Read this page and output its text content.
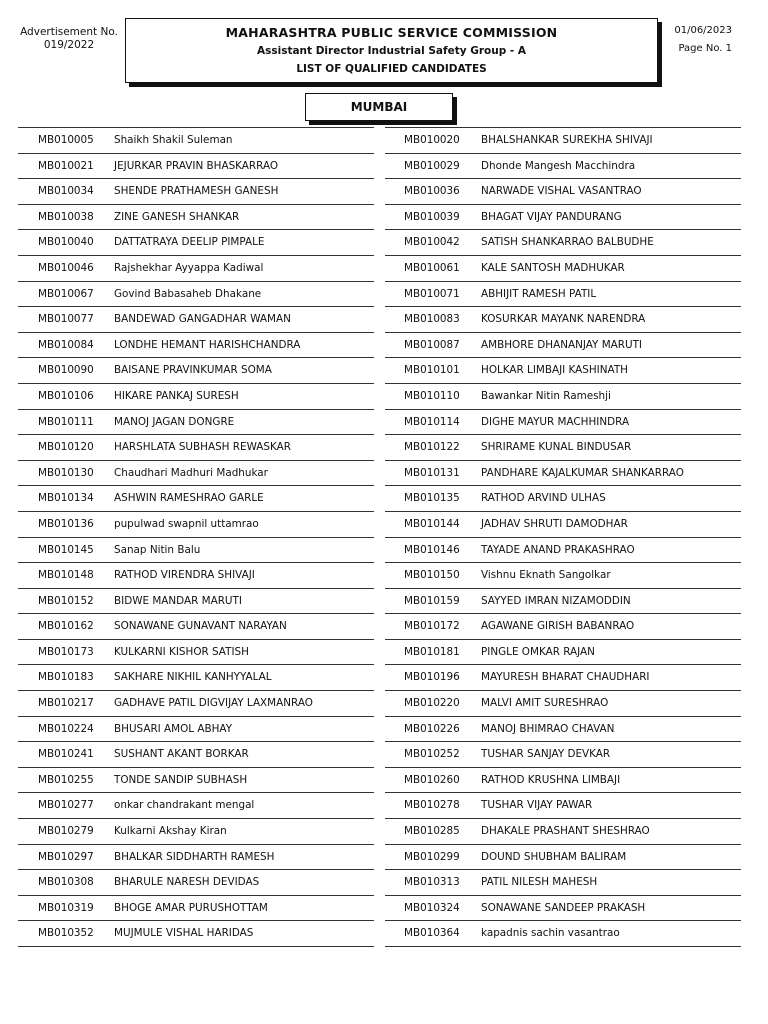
Advertisement No.
019/2022
01/06/2023
Page No. 1
MAHARASHTRA PUBLIC SERVICE COMMISSION
Assistant Director Industrial Safety Group - A
LIST OF QUALIFIED CANDIDATES
MUMBAI
MB010005 Shaikh Shakil Suleman
MB010021 JEJURKAR PRAVIN BHASKARRAO
MB010034 SHENDE PRATHAMESH GANESH
MB010038 ZINE GANESH SHANKAR
MB010040 DATTATRAYA DEELIP PIMPALE
MB010046 Rajshekhar Ayyappa Kadiwal
MB010067 Govind Babasaheb Dhakane
MB010077 BANDEWAD GANGADHAR WAMAN
MB010084 LONDHE HEMANT HARISHCHANDRA
MB010090 BAISANE PRAVINKUMAR SOMA
MB010106 HIKARE PANKAJ SURESH
MB010111 MANOJ JAGAN DONGRE
MB010120 HARSHLATA SUBHASH REWASKAR
MB010130 Chaudhari Madhuri Madhukar
MB010134 ASHWIN RAMESHRAO GARLE
MB010136 pupulwad swapnil uttamrao
MB010145 Sanap Nitin Balu
MB010148 RATHOD VIRENDRA SHIVAJI
MB010152 BIDWE MANDAR MARUTI
MB010162 SONAWANE GUNAVANT NARAYAN
MB010173 KULKARNI KISHOR SATISH
MB010183 SAKHARE NIKHIL KANHYYALAL
MB010217 GADHAVE PATIL DIGVIJAY LAXMANRAO
MB010224 BHUSARI AMOL ABHAY
MB010241 SUSHANT AKANT BORKAR
MB010255 TONDE SANDIP SUBHASH
MB010277 onkar chandrakant mengal
MB010279 Kulkarni Akshay Kiran
MB010297 BHALKAR SIDDHARTH RAMESH
MB010308 BHARULE NARESH DEVIDAS
MB010319 BHOGE AMAR PURUSHOTTAM
MB010352 MUJMULE VISHAL HARIDAS
MB010020 BHALSHANKAR SUREKHA SHIVAJI
MB010029 Dhonde Mangesh Macchindra
MB010036 NARWADE VISHAL VASANTRAO
MB010039 BHAGAT VIJAY PANDURANG
MB010042 SATISH SHANKARRAO BALBUDHE
MB010061 KALE SANTOSH MADHUKAR
MB010071 ABHIJIT RAMESH PATIL
MB010083 KOSURKAR MAYANK NARENDRA
MB010087 AMBHORE DHANANJAY MARUTI
MB010101 HOLKAR LIMBAJI KASHINATH
MB010110 Bawankar Nitin Rameshji
MB010114 DIGHE MAYUR MACHHINDRA
MB010122 SHRIRAME KUNAL BINDUSAR
MB010131 PANDHARE KAJALKUMAR SHANKARRAO
MB010135 RATHOD ARVIND ULHAS
MB010144 JADHAV SHRUTI DAMODHAR
MB010146 TAYADE ANAND PRAKASHRAO
MB010150 Vishnu Eknath Sangolkar
MB010159 SAYYED IMRAN NIZAMODDIN
MB010172 AGAWANE GIRISH BABANRAO
MB010181 PINGLE OMKAR RAJAN
MB010196 MAYURESH BHARAT CHAUDHARI
MB010220 MALVI AMIT SURESHRAO
MB010226 MANOJ BHIMRAO CHAVAN
MB010252 TUSHAR SANJAY DEVKAR
MB010260 RATHOD KRUSHNA LIMBAJI
MB010278 TUSHAR VIJAY PAWAR
MB010285 DHAKALE PRASHANT SHESHRAO
MB010299 DOUND SHUBHAM BALIRAM
MB010313 PATIL NILESH MAHESH
MB010324 SONAWANE SANDEEP PRAKASH
MB010364 kapadnis sachin vasantrao
